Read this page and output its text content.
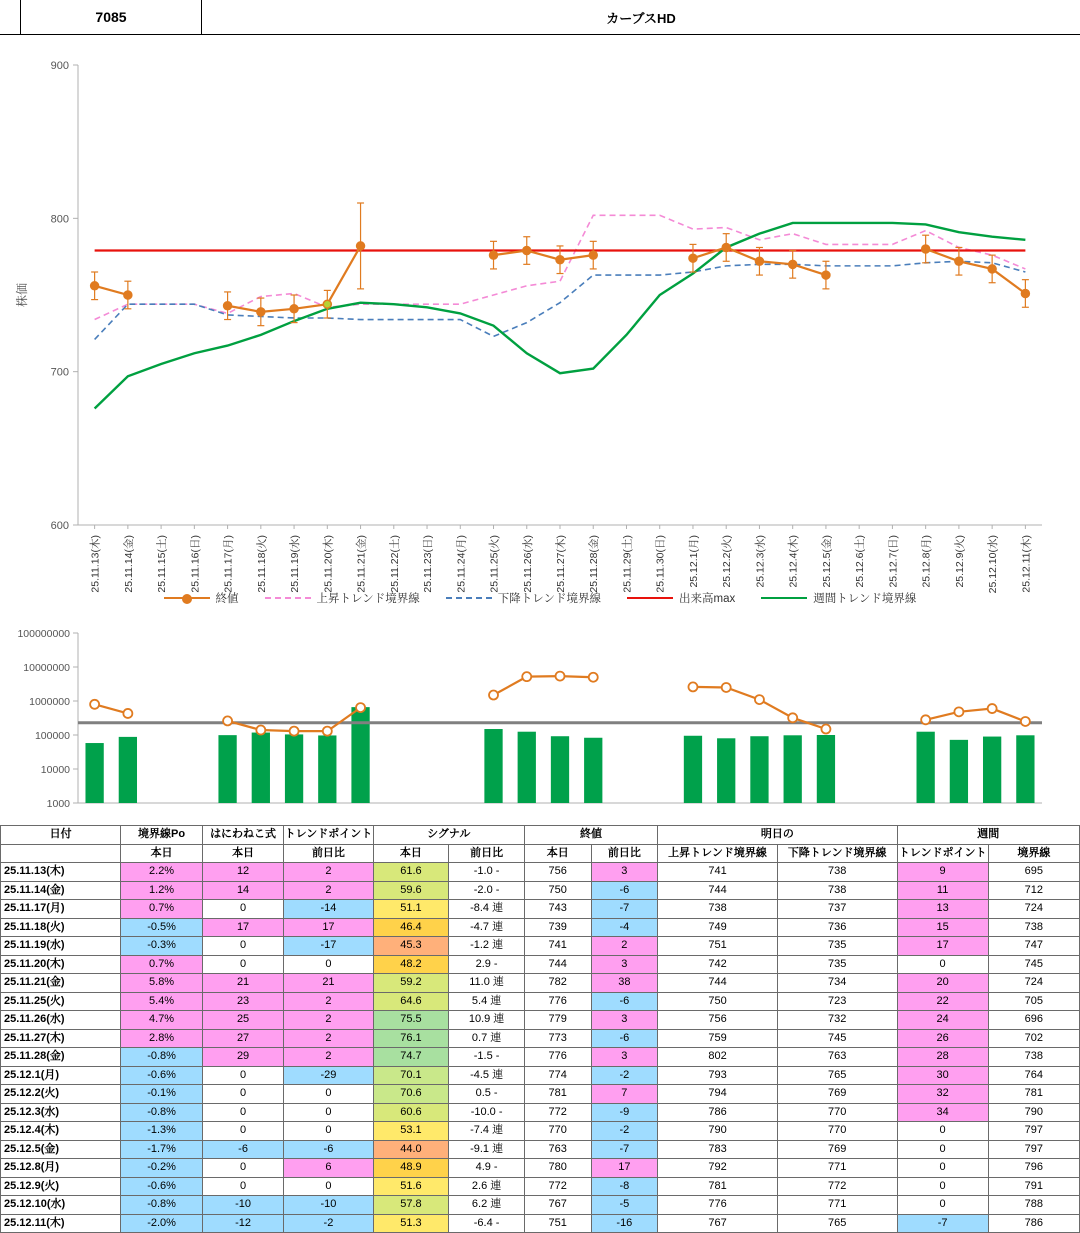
7085	カーブスHD
600
700
800
900
株価
25.11.13(木) 25.11.14(金) 25.11.15(土) 25.11.16(日) 25.11.17(月) 25.11.18(火) 25.11.19(水) 25.11.20(木) 25.11.21(金) 25.11.22(土) 25.11.23(日) 25.11.24(月) 25.11.25(火) 25.11.26(水) 25.11.27(木) 25.11.28(金) 25.11.29(土) 25.11.30(日) 25.12.1(月) 25.12.2(火) 25.12.3(水) 25.12.4(木) 25.12.5(金) 25.12.6(土) 25.12.7(日) 25.12.8(月) 25.12.9(火) 25.12.10(水) 25.12.11(木)
終値	上昇トレンド境界線	下降トレンド境界線	出来高max	週間トレンド境界線
1000
10000
100000
1000000
10000000
100000000
日付	境界線Po	はにわねこ式	トレンドポイント	シグナル		終値		明日の		週間	
	本日	本日	前日比	本日	前日比	本日	前日比	上昇トレンド境界線	下降トレンド境界線	トレンドポイント	境界線
25.11.13(木)	2.2%	12	2	61.6	-1.0 -	756	3	741	738	9	695
25.11.14(金)	1.2%	14	2	59.6	-2.0 -	750	-6	744	738	11	712
25.11.17(月)	0.7%	0	-14	51.1	-8.4 連	743	-7	738	737	13	724
25.11.18(火)	-0.5%	17	17	46.4	-4.7 連	739	-4	749	736	15	738
25.11.19(水)	-0.3%	0	-17	45.3	-1.2 連	741	2	751	735	17	747
25.11.20(木)	0.7%	0	0	48.2	2.9 -	744	3	742	735	0	745
25.11.21(金)	5.8%	21	21	59.2	11.0 連	782	38	744	734	20	724
25.11.25(火)	5.4%	23	2	64.6	5.4 連	776	-6	750	723	22	705
25.11.26(水)	4.7%	25	2	75.5	10.9 連	779	3	756	732	24	696
25.11.27(木)	2.8%	27	2	76.1	0.7 連	773	-6	759	745	26	702
25.11.28(金)	-0.8%	29	2	74.7	-1.5 -	776	3	802	763	28	738
25.12.1(月)	-0.6%	0	-29	70.1	-4.5 連	774	-2	793	765	30	764
25.12.2(火)	-0.1%	0	0	70.6	0.5 -	781	7	794	769	32	781
25.12.3(水)	-0.8%	0	0	60.6	-10.0 -	772	-9	786	770	34	790
25.12.4(木)	-1.3%	0	0	53.1	-7.4 連	770	-2	790	770	0	797
25.12.5(金)	-1.7%	-6	-6	44.0	-9.1 連	763	-7	783	769	0	797
25.12.8(月)	-0.2%	0	6	48.9	4.9 -	780	17	792	771	0	796
25.12.9(火)	-0.6%	0	0	51.6	2.6 連	772	-8	781	772	0	791
25.12.10(水)	-0.8%	-10	-10	57.8	6.2 連	767	-5	776	771	0	788
25.12.11(木)	-2.0%	-12	-2	51.3	-6.4 -	751	-16	767	765	-7	786
